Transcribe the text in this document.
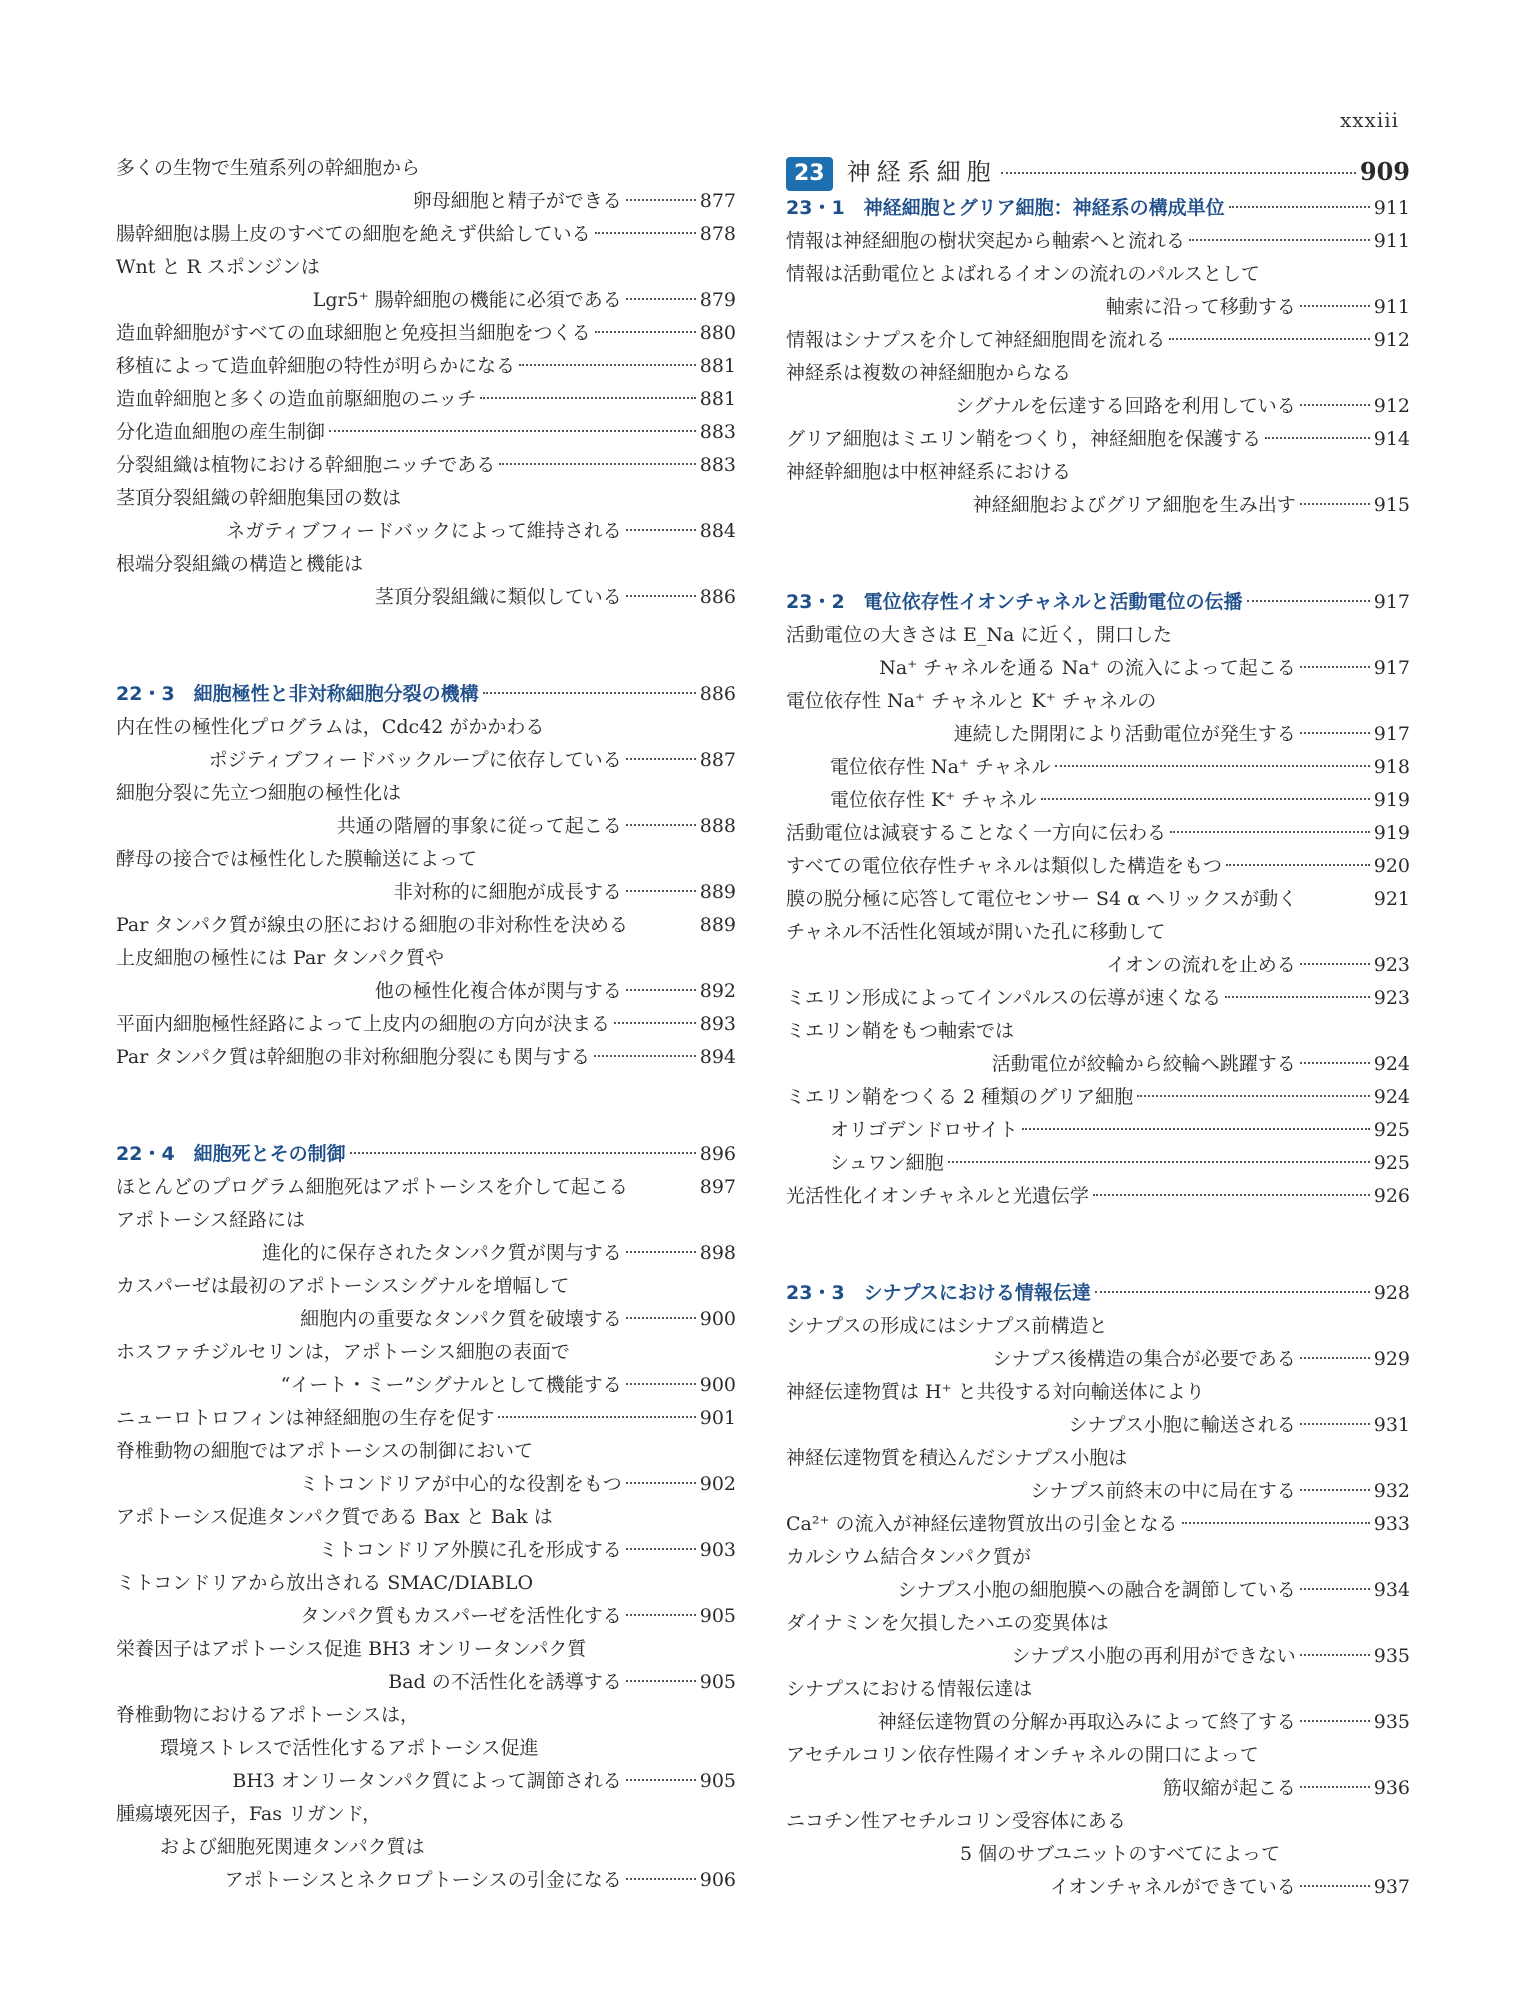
xxxiii
多くの生物で生殖系列の幹細胞から
卵母細胞と精子ができる	877
腸幹細胞は腸上皮のすべての細胞を絶えず供給している	878
Wnt と R スポンジンは
Lgr5⁺ 腸幹細胞の機能に必須である	879
造血幹細胞がすべての血球細胞と免疫担当細胞をつくる	880
移植によって造血幹細胞の特性が明らかになる	881
造血幹細胞と多くの造血前駆細胞のニッチ	881
分化造血細胞の産生制御	883
分裂組織は植物における幹細胞ニッチである	883
茎頂分裂組織の幹細胞集団の数は
ネガティブフィードバックによって維持される	884
根端分裂組織の構造と機能は
茎頂分裂組織に類似している	886
22・3　細胞極性と非対称細胞分裂の機構	886
内在性の極性化プログラムは，Cdc42 がかかわる
ポジティブフィードバックループに依存している	887
細胞分裂に先立つ細胞の極性化は
共通の階層的事象に従って起こる	888
酵母の接合では極性化した膜輸送によって
非対称的に細胞が成長する	889
Par タンパク質が線虫の胚における細胞の非対称性を決める	889
上皮細胞の極性には Par タンパク質や
他の極性化複合体が関与する	892
平面内細胞極性経路によって上皮内の細胞の方向が決まる	893
Par タンパク質は幹細胞の非対称細胞分裂にも関与する	894
22・4　細胞死とその制御	896
ほとんどのプログラム細胞死はアポトーシスを介して起こる	897
アポトーシス経路には
進化的に保存されたタンパク質が関与する	898
カスパーゼは最初のアポトーシスシグナルを増幅して
細胞内の重要なタンパク質を破壊する	900
ホスファチジルセリンは，アポトーシス細胞の表面で
“イート・ミー”シグナルとして機能する	900
ニューロトロフィンは神経細胞の生存を促す	901
脊椎動物の細胞ではアポトーシスの制御において
ミトコンドリアが中心的な役割をもつ	902
アポトーシス促進タンパク質である Bax と Bak は
ミトコンドリア外膜に孔を形成する	903
ミトコンドリアから放出される SMAC/DIABLO
タンパク質もカスパーゼを活性化する	905
栄養因子はアポトーシス促進 BH3 オンリータンパク質
Bad の不活性化を誘導する	905
脊椎動物におけるアポトーシスは，
環境ストレスで活性化するアポトーシス促進
BH3 オンリータンパク質によって調節される	905
腫瘍壊死因子，Fas リガンド，
および細胞死関連タンパク質は
アポトーシスとネクロプトーシスの引金になる	906
23 神経系細胞	909
23・1　神経細胞とグリア細胞：神経系の構成単位	911
情報は神経細胞の樹状突起から軸索へと流れる	911
情報は活動電位とよばれるイオンの流れのパルスとして
軸索に沿って移動する	911
情報はシナプスを介して神経細胞間を流れる	912
神経系は複数の神経細胞からなる
シグナルを伝達する回路を利用している	912
グリア細胞はミエリン鞘をつくり，神経細胞を保護する	914
神経幹細胞は中枢神経系における
神経細胞およびグリア細胞を生み出す	915
23・2　電位依存性イオンチャネルと活動電位の伝播	917
活動電位の大きさは E_Na に近く，開口した
Na⁺ チャネルを通る Na⁺ の流入によって起こる	917
電位依存性 Na⁺ チャネルと K⁺ チャネルの
連続した開閉により活動電位が発生する	917
電位依存性 Na⁺ チャネル	918
電位依存性 K⁺ チャネル	919
活動電位は減衰することなく一方向に伝わる	919
すべての電位依存性チャネルは類似した構造をもつ	920
膜の脱分極に応答して電位センサー S4 α ヘリックスが動く	921
チャネル不活性化領域が開いた孔に移動して
イオンの流れを止める	923
ミエリン形成によってインパルスの伝導が速くなる	923
ミエリン鞘をもつ軸索では
活動電位が絞輪から絞輪へ跳躍する	924
ミエリン鞘をつくる 2 種類のグリア細胞	924
オリゴデンドロサイト	925
シュワン細胞	925
光活性化イオンチャネルと光遺伝学	926
23・3　シナプスにおける情報伝達	928
シナプスの形成にはシナプス前構造と
シナプス後構造の集合が必要である	929
神経伝達物質は H⁺ と共役する対向輸送体により
シナプス小胞に輸送される	931
神経伝達物質を積込んだシナプス小胞は
シナプス前終末の中に局在する	932
Ca²⁺ の流入が神経伝達物質放出の引金となる	933
カルシウム結合タンパク質が
シナプス小胞の細胞膜への融合を調節している	934
ダイナミンを欠損したハエの変異体は
シナプス小胞の再利用ができない	935
シナプスにおける情報伝達は
神経伝達物質の分解か再取込みによって終了する	935
アセチルコリン依存性陽イオンチャネルの開口によって
筋収縮が起こる	936
ニコチン性アセチルコリン受容体にある
5 個のサブユニットのすべてによって
イオンチャネルができている	937
